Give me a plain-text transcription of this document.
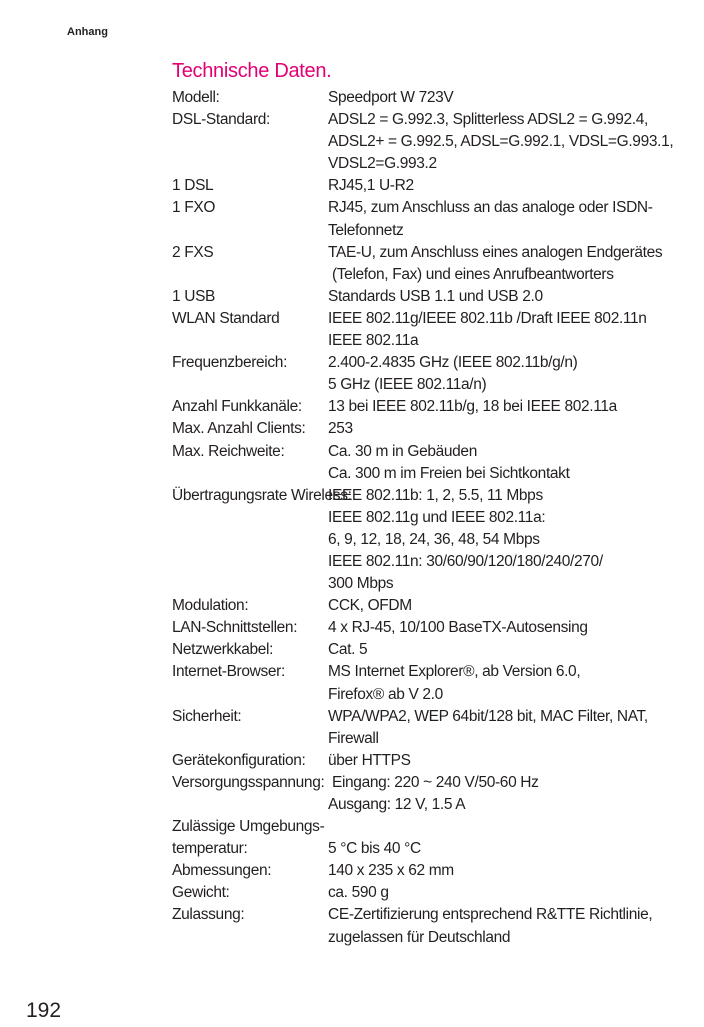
Anhang
Technische Daten.
Modell:	Speedport W 723V
DSL-Standard:	ADSL2 = G.992.3, Splitterless ADSL2 = G.992.4,
ADSL2+ = G.992.5, ADSL=G.992.1, VDSL=G.993.1,
VDSL2=G.993.2
1 DSL	RJ45,1 U-R2
1 FXO	RJ45, zum Anschluss an das analoge oder ISDN-
Telefonnetz
2 FXS	TAE-U, zum Anschluss eines analogen Endgerätes
(Telefon, Fax) und eines Anrufbeantworters
1 USB	Standards USB 1.1 und USB 2.0
WLAN Standard	IEEE 802.11g/IEEE 802.11b /Draft IEEE 802.11n
IEEE 802.11a
Frequenzbereich:	2.400-2.4835 GHz (IEEE 802.11b/g/n)
5 GHz (IEEE 802.11a/n)
Anzahl Funkkanäle: 13 bei IEEE 802.11b/g, 18 bei IEEE 802.11a
Max. Anzahl Clients: 253
Max. Reichweite:	Ca. 30 m in Gebäuden
Ca. 300 m im Freien bei Sichtkontakt
Übertragungsrate Wireless:
IEEE 802.11b: 1, 2, 5.5, 11 Mbps
IEEE 802.11g und IEEE 802.11a:
6, 9, 12, 18, 24, 36, 48, 54 Mbps
IEEE 802.11n: 30/60/90/120/180/240/270/
300 Mbps
Modulation:	CCK, OFDM
LAN-Schnittstellen: 4 x RJ-45, 10/100 BaseTX-Autosensing
Netzwerkkabel:	Cat. 5
Internet-Browser:	MS Internet Explorer®, ab Version 6.0,
Firefox® ab V 2.0
Sicherheit:	WPA/WPA2, WEP 64bit/128 bit, MAC Filter, NAT,
Firewall
Gerätekonfiguration: über HTTPS
Versorgungsspannung: Eingang: 220 ~ 240 V/50-60 Hz
Ausgang: 12 V, 1.5 A
Zulässige Umgebungs-
temperatur:	5 °C bis 40 °C
Abmessungen:	140 x 235 x 62 mm
Gewicht:	ca. 590 g
Zulassung:	CE-Zertifizierung entsprechend R&TTE Richtlinie,
zugelassen für Deutschland
192
